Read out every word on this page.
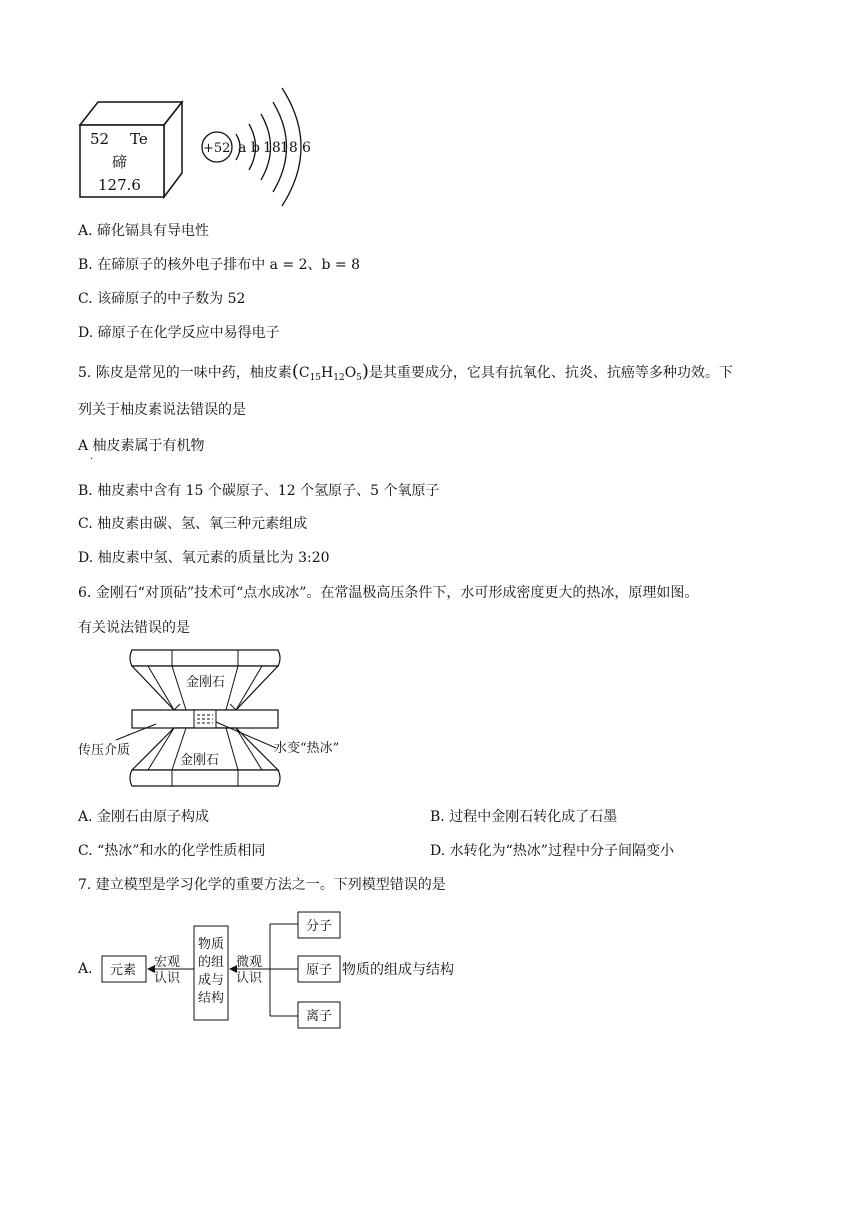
52 Te
碲
127.6
+52 a b 18 18 6
A. 碲化镉具有导电性
B. 在碲原子的核外电子排布中 a = 2、b = 8
C. 该碲原子的中子数为 52
D. 碲原子在化学反应中易得电子
5. 陈皮是常见的一味中药，柚皮素$(C_{15}H_{12}O_5)$是其重要成分，它具有抗氧化、抗炎、抗癌等多种功效。下
列关于柚皮素说法错误的是
A 柚皮素属于有机物
·
B. 柚皮素中含有 15 个碳原子、12 个氢原子、5 个氧原子
C. 柚皮素由碳、氢、氧三种元素组成
D. 柚皮素中氢、氧元素的质量比为 3:20
6. 金刚石“对顶砧”技术可“点水成冰”。在常温极高压条件下，水可形成密度更大的热冰，原理如图。
有关说法错误的是
金刚石
金刚石
传压介质	水变“热冰”
A. 金刚石由原子构成	B. 过程中金刚石转化成了石墨
C. “热冰”和水的化学性质相同	D. 水转化为“热冰”过程中分子间隔变小
7. 建立模型是学习化学的重要方法之一。下列模型错误的是
A. 元素
宏观
认识
物质
的组
成与
结构
微观
认识
分子
原子
离子
物质的组成与结构
